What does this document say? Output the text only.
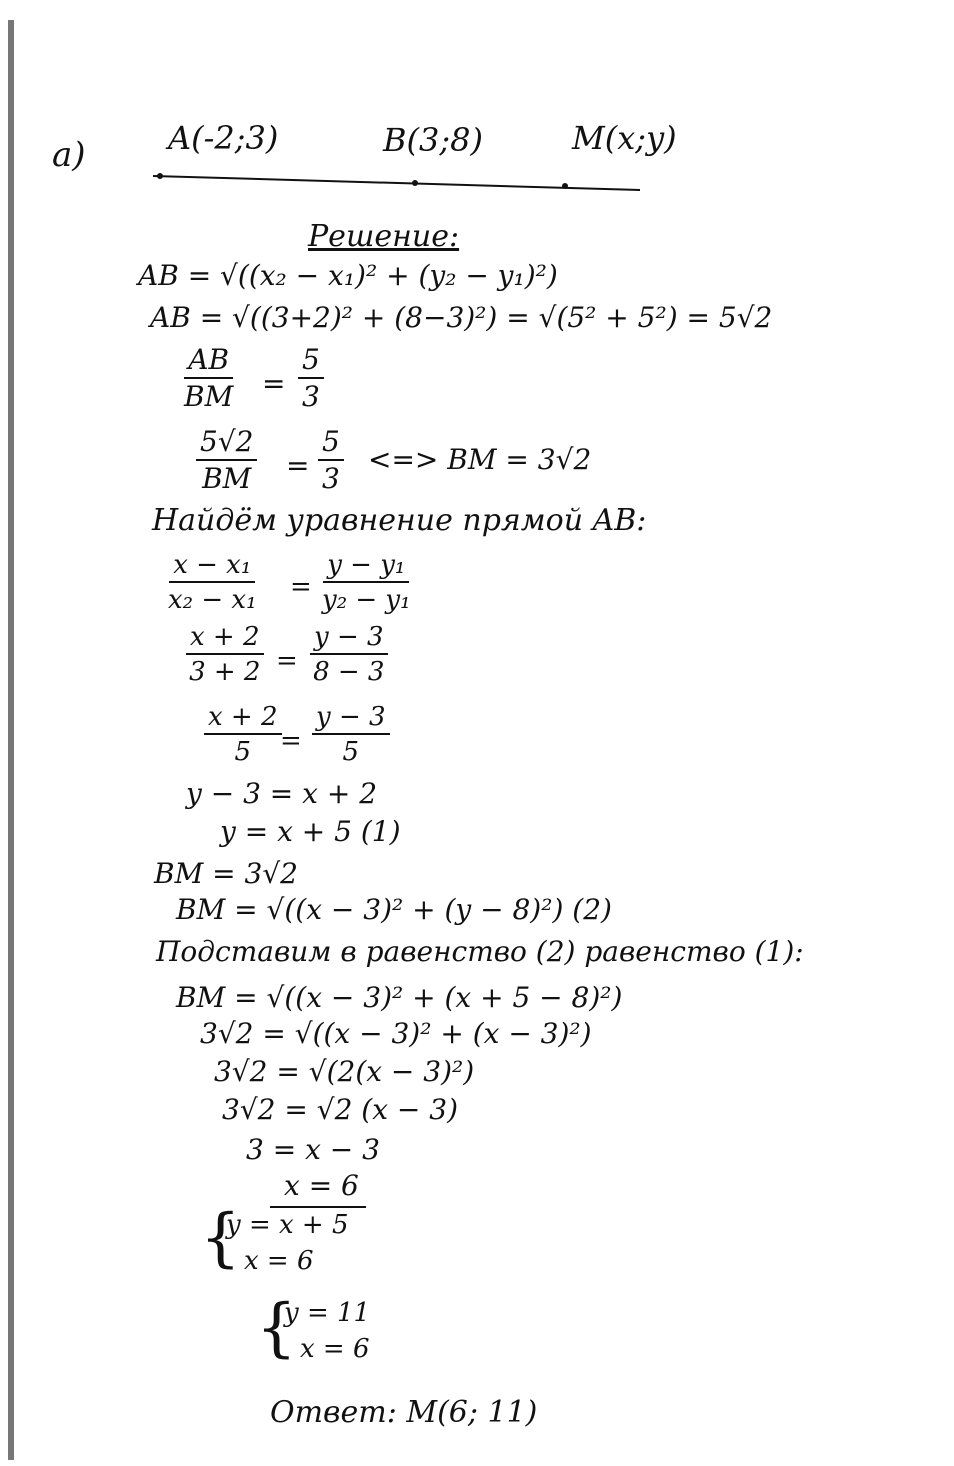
а)	A(-2;3)	B(3;8)	M(x;y)
Решение:
AB = √((x₂ − x₁)² + (y₂ − y₁)²)
AB = √((3+2)² + (8−3)²) = √(5² + 5²) = 5√2
$\frac{AB}{BM} = \frac{5}{3}$
$\frac{5√2}{BM} = \frac{5}{3}$ <=> BM = 3√2
Найдём уравнение прямой AB:
$\frac{\text{x − x₁}}{\text{x₂ − x₁}} = \frac{\text{y − y₁}}{\text{y₂ − y₁}}$
$\frac{x + 2}{3 + 2} = \frac{y - 3}{8 - 3}$
$\frac{x + 2}{5}$
= $\frac{y - 3}{5}$
y − 3 = x + 2
y = x + 5 (1)
BM = 3√2
BM = √((x − 3)² + (y − 8)²) (2)
Подставим в равенство (2) равенство (1):
BM = √((x − 3)² + (x + 5 − 8)²)
3√2 = √((x − 3)² + (x − 3)²)
3√2 = √(2(x − 3)²)
3√2 = √2 (x − 3)
3 = x − 3
x = 6
{
y = x + 5
x = 6
{
y = 11
x = 6
Ответ: M(6; 11)
